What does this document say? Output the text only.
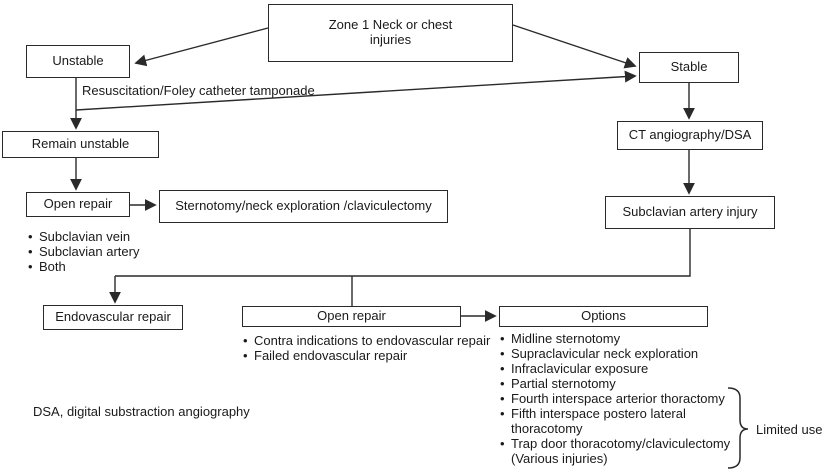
Zone 1 Neck or chest injuries
Unstable	Stable
Remain unstable
Open repair	Sternotomy/neck exploration /claviculectomy
CT angiography/DSA
Subclavian artery injury
Endovascular repair	Open repair	Options
Resuscitation/Foley catheter tamponade
• Subclavian vein
• Subclavian artery
• Both
• Contra indications to endovascular repair
• Failed endovascular repair
• Midline sternotomy
• Supraclavicular neck exploration
• Infraclavicular exposure
• Partial sternotomy
• Fourth interspace arterior thoractomy
• Fifth interspace postero lateral thoracotomy
• Trap door thoracotomy/claviculectomy (Various injuries)
Limited use
DSA, digital substraction angiography
